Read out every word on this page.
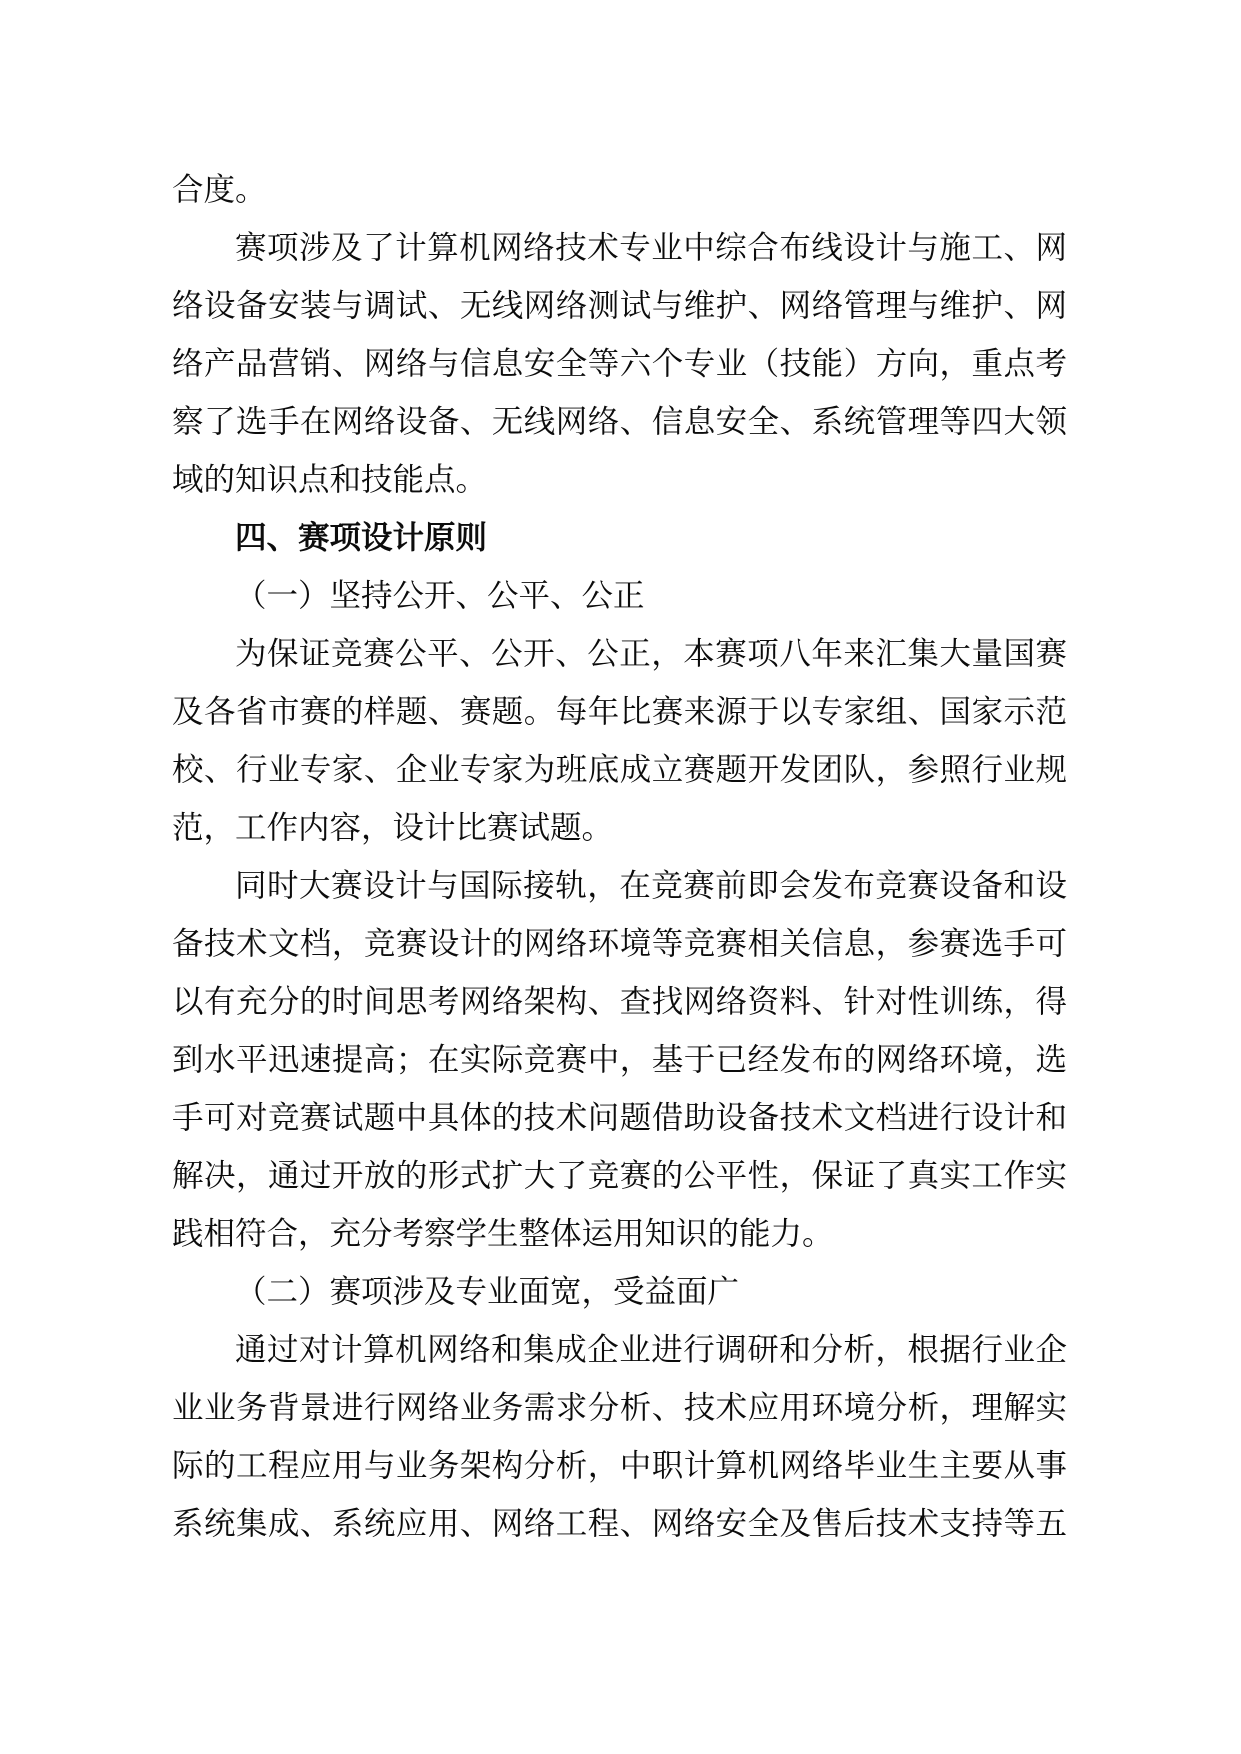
合度。
赛项涉及了计算机网络技术专业中综合布线设计与施工、网
络设备安装与调试、无线网络测试与维护、网络管理与维护、网
络产品营销、网络与信息安全等六个专业（技能）方向，重点考
察了选手在网络设备、无线网络、信息安全、系统管理等四大领
域的知识点和技能点。
四、赛项设计原则
（一）坚持公开、公平、公正
为保证竞赛公平、公开、公正，本赛项八年来汇集大量国赛
及各省市赛的样题、赛题。每年比赛来源于以专家组、国家示范
校、行业专家、企业专家为班底成立赛题开发团队，参照行业规
范，工作内容，设计比赛试题。
同时大赛设计与国际接轨，在竞赛前即会发布竞赛设备和设
备技术文档，竞赛设计的网络环境等竞赛相关信息，参赛选手可
以有充分的时间思考网络架构、查找网络资料、针对性训练，得
到水平迅速提高；在实际竞赛中，基于已经发布的网络环境，选
手可对竞赛试题中具体的技术问题借助设备技术文档进行设计和
解决，通过开放的形式扩大了竞赛的公平性，保证了真实工作实
践相符合，充分考察学生整体运用知识的能力。
（二）赛项涉及专业面宽，受益面广
通过对计算机网络和集成企业进行调研和分析，根据行业企
业业务背景进行网络业务需求分析、技术应用环境分析，理解实
际的工程应用与业务架构分析，中职计算机网络毕业生主要从事
系统集成、系统应用、网络工程、网络安全及售后技术支持等五
